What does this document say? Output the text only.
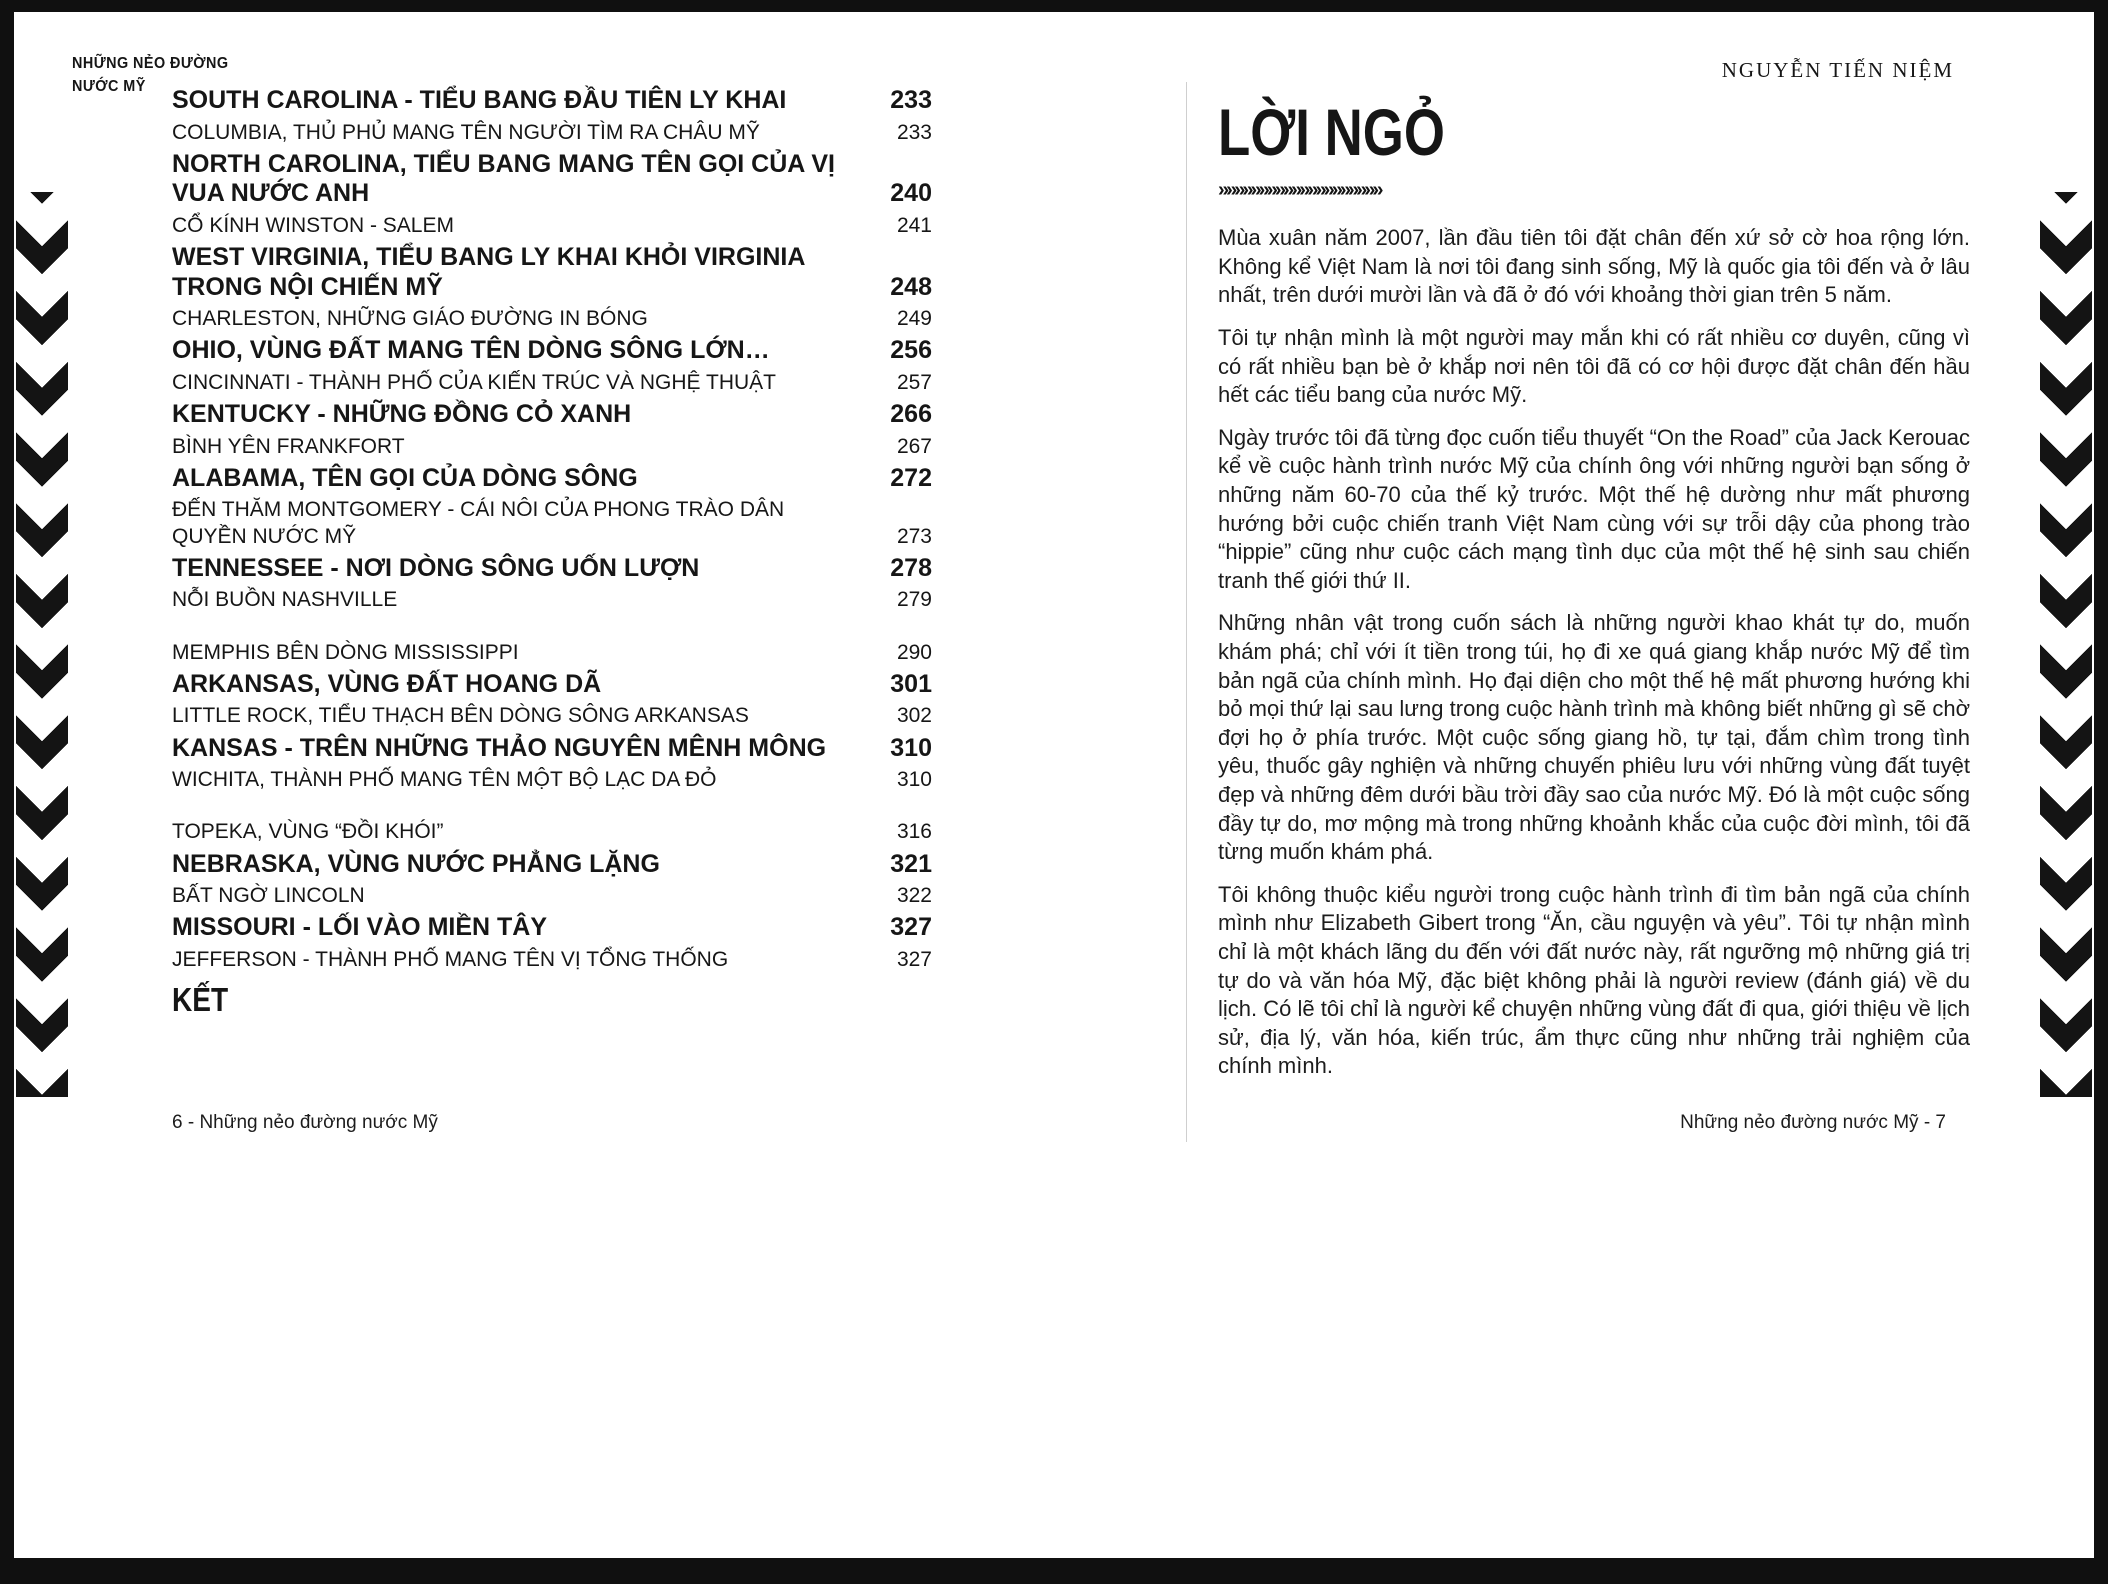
NHỮNG NẺO ĐƯỜNG
NƯỚC MỸ
NGUYỄN TIẾN NIỆM
SOUTH CAROLINA - TIỂU BANG ĐẦU TIÊN LY KHAI	233
COLUMBIA, THỦ PHỦ MANG TÊN NGƯỜI TÌM RA CHÂU MỸ	233
NORTH CAROLINA, TIỂU BANG MANG TÊN GỌI CỦA VỊ VUA NƯỚC ANH	240
CỔ KÍNH WINSTON - SALEM	241
WEST VIRGINIA, TIỂU BANG LY KHAI KHỎI VIRGINIA TRONG NỘI CHIẾN MỸ	248
CHARLESTON, NHỮNG GIÁO ĐƯỜNG IN BÓNG	249
OHIO, VÙNG ĐẤT MANG TÊN DÒNG SÔNG LỚN…	256
CINCINNATI - THÀNH PHỐ CỦA KIẾN TRÚC VÀ NGHỆ THUẬT	257
KENTUCKY - NHỮNG ĐỒNG CỎ XANH	266
BÌNH YÊN FRANKFORT	267
ALABAMA, TÊN GỌI CỦA DÒNG SÔNG	272
ĐẾN THĂM MONTGOMERY - CÁI NÔI CỦA PHONG TRÀO DÂN QUYỀN NƯỚC MỸ	273
TENNESSEE - NƠI DÒNG SÔNG UỐN LƯỢN	278
NỖI BUỒN NASHVILLE	279
MEMPHIS BÊN DÒNG MISSISSIPPI	290
ARKANSAS, VÙNG ĐẤT HOANG DÃ	301
LITTLE ROCK, TIỂU THẠCH BÊN DÒNG SÔNG ARKANSAS	302
KANSAS - TRÊN NHỮNG THẢO NGUYÊN MÊNH MÔNG	310
WICHITA, THÀNH PHỐ MANG TÊN MỘT BỘ LẠC DA ĐỎ	310
TOPEKA, VÙNG “ĐỒI KHÓI”	316
NEBRASKA, VÙNG NƯỚC PHẲNG LẶNG	321
BẤT NGỜ LINCOLN	322
MISSOURI - LỐI VÀO MIỀN TÂY	327
JEFFERSON - THÀNH PHỐ MANG TÊN VỊ TỔNG THỐNG	327
KẾT
LỜI NGỎ
»»»»»»»»»»»»»»»»»»»»

Mùa xuân năm 2007, lần đầu tiên tôi đặt chân đến xứ sở cờ hoa rộng lớn. Không kể Việt Nam là nơi tôi đang sinh sống, Mỹ là quốc gia tôi đến và ở lâu nhất, trên dưới mười lần và đã ở đó với khoảng thời gian trên 5 năm.

Tôi tự nhận mình là một người may mắn khi có rất nhiều cơ duyên, cũng vì có rất nhiều bạn bè ở khắp nơi nên tôi đã có cơ hội được đặt chân đến hầu hết các tiểu bang của nước Mỹ.

Ngày trước tôi đã từng đọc cuốn tiểu thuyết “On the Road” của Jack Kerouac kể về cuộc hành trình nước Mỹ của chính ông với những người bạn sống ở những năm 60-70 của thế kỷ trước. Một thế hệ dường như mất phương hướng bởi cuộc chiến tranh Việt Nam cùng với sự trỗi dậy của phong trào “hippie” cũng như cuộc cách mạng tình dục của một thế hệ sinh sau chiến tranh thế giới thứ II.

Những nhân vật trong cuốn sách là những người khao khát tự do, muốn khám phá; chỉ với ít tiền trong túi, họ đi xe quá giang khắp nước Mỹ để tìm bản ngã của chính mình. Họ đại diện cho một thế hệ mất phương hướng khi bỏ mọi thứ lại sau lưng trong cuộc hành trình mà không biết những gì sẽ chờ đợi họ ở phía trước. Một cuộc sống giang hồ, tự tại, đắm chìm trong tình yêu, thuốc gây nghiện và những chuyến phiêu lưu với những vùng đất tuyệt đẹp và những đêm dưới bầu trời đầy sao của nước Mỹ. Đó là một cuộc sống đầy tự do, mơ mộng mà trong những khoảnh khắc của cuộc đời mình, tôi đã từng muốn khám phá.

Tôi không thuộc kiểu người trong cuộc hành trình đi tìm bản ngã của chính mình như Elizabeth Gibert trong “Ăn, cầu nguyện và yêu”. Tôi tự nhận mình chỉ là một khách lãng du đến với đất nước này, rất ngưỡng mộ những giá trị tự do và văn hóa Mỹ, đặc biệt không phải là người review (đánh giá) về du lịch. Có lẽ tôi chỉ là người kể chuyện những vùng đất đi qua, giới thiệu về lịch sử, địa lý, văn hóa, kiến trúc, ẩm thực cũng như những trải nghiệm của chính mình.

6 - Những nẻo đường nước Mỹ	Những nẻo đường nước Mỹ - 7
